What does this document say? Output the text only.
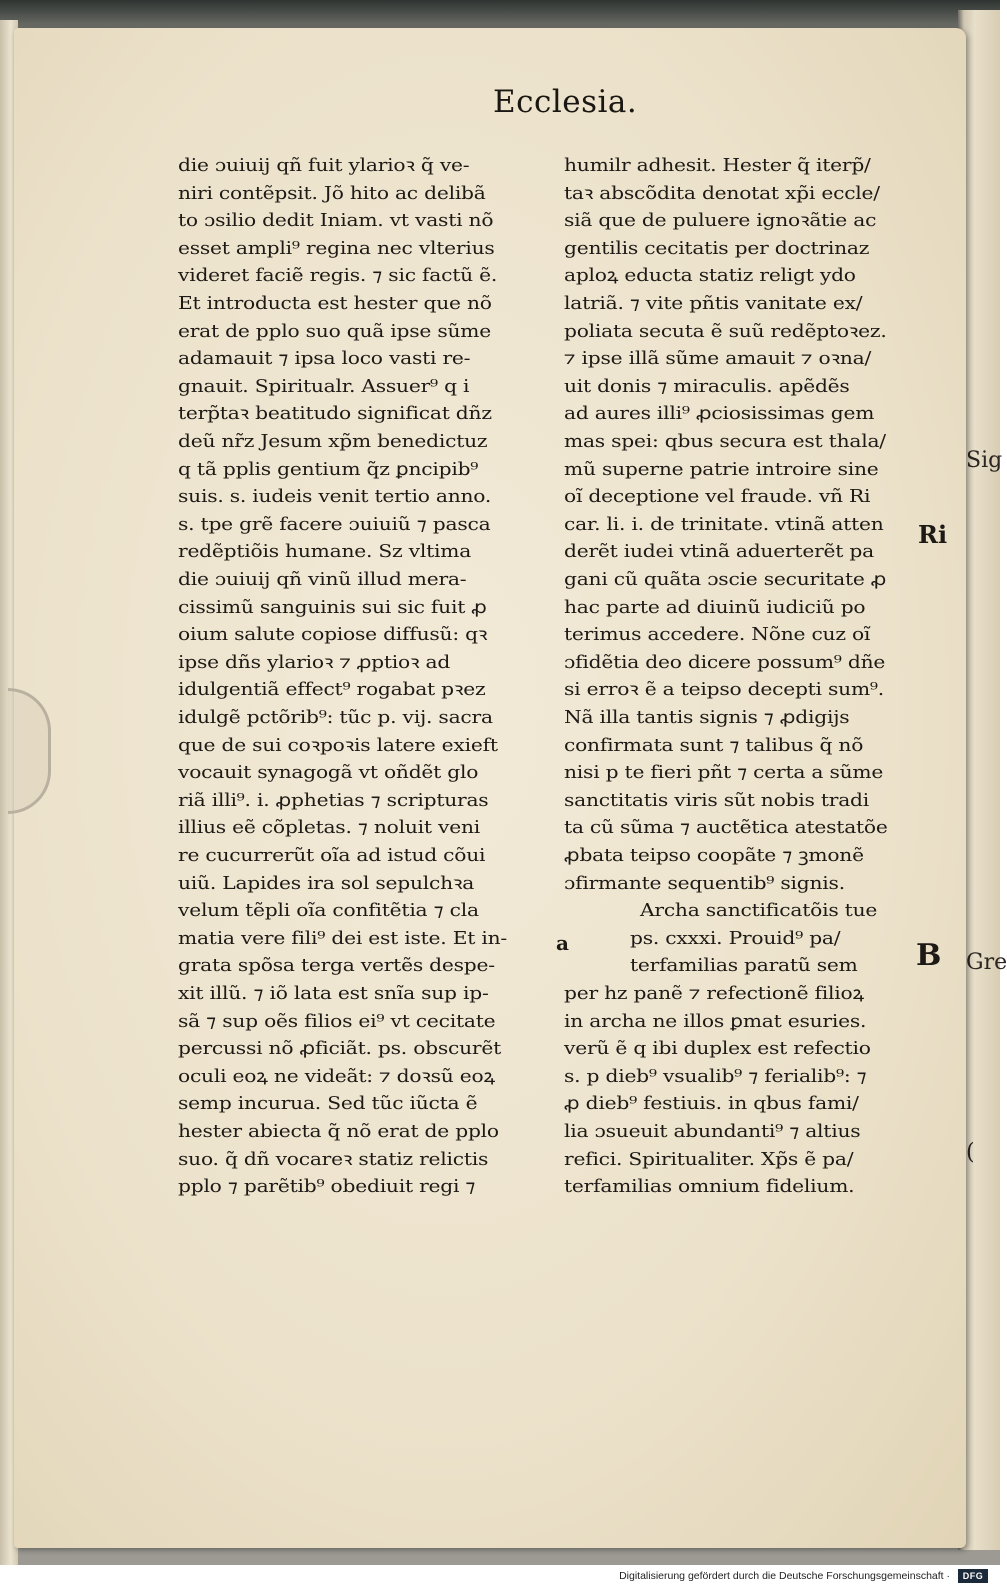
Sig
Gre
(
Ecclesia.
die ɔuiuij qñ fuit ylarioꝛ q̃ ve-
niri contẽpsit. Jõ hito ac delibã
to ɔsilio dedit Iniam. vt vasti nõ
esset ampli⁹ regina nec vlterius
videret faciẽ regis. ⁊ sic factũ ẽ.
Et introducta est hester que nõ
erat de pplo suo quã ipse sũme
adamauit ⁊ ipsa loco vasti re-
gnauit. Spiritualr. Assuer⁹ q i
terp̃taꝛ beatitudo significat dñz
deũ nr̃z Jesum xp̃m benedictuz
q tã pplis gentium q̃z ꝑncipib⁹
suis. s. iudeis venit tertio anno.
s. tpe grẽ facere ɔuiuiũ ⁊ pasca
redẽptiõis humane. Sz vltima
die ɔuiuij qñ vinũ illud mera-
cissimũ sanguinis sui sic fuit ꝓ
oium salute copiose diffusũ: qꝛ
ipse dñs ylarioꝛ ⁊ ꝓptioꝛ ad
idulgentiã effect⁹ rogabat pꝛez
idulgẽ pctõrib⁹: tũc p. vij. sacra
que de sui coꝛpoꝛis latere exieft
vocauit synagogã vt oñdẽt glo
riã illi⁹. i. ꝓphetias ⁊ scripturas
illius eẽ cõpletas. ⁊ noluit veni
re cucurrerũt oĩa ad istud cõui
uiũ. Lapides ira sol sepulchꝛa
velum tẽpli oĩa confitẽtia ⁊ cla
matia vere fili⁹ dei est iste. Et in-
grata spõsa terga vertẽs despe-
xit illũ. ⁊ iõ lata est snĩa sup ip-
sã ⁊ sup oẽs filios ei⁹ vt cecitate
percussi nõ ꝓficiãt. ps. obscurẽt
oculi eoꝝ ne videãt: ⁊ doꝛsũ eoꝝ
semp incurua. Sed tũc iũcta ẽ
hester abiecta q̃ nõ erat de pplo
suo. q̃ dñ vocareꝛ statiz relictis
pplo ⁊ parẽtib⁹ obediuit regi ⁊
humilr adhesit. Hester q̃ iterp̃/
taꝛ abscõdita denotat xp̃i eccle/
siã que de puluere ignoꝛãtie ac
gentilis cecitatis per doctrinaz
aploꝝ educta statiz religt ydo
latriã. ⁊ vite pñtis vanitate ex/
poliata secuta ẽ suũ redẽptoꝛez.
⁊ ipse illã sũme amauit ⁊ oꝛna/
uit donis ⁊ miraculis. apẽdẽs
ad aures illi⁹ ꝓciosissimas gem
mas spei: qbus secura est thala/
mũ superne patrie introire sine
oĩ deceptione vel fraude. vñ Ri
car. li. i. de trinitate. vtinã atten
derẽt iudei vtinã aduerterẽt pa
gani cũ quãta ɔscie securitate ꝓ
hac parte ad diuinũ iudiciũ po
terimus accedere. Nõne cuz oĩ
ɔfidẽtia deo dicere possum⁹ dñe
si erroꝛ ẽ a teipso decepti sum⁹.
Nã illa tantis signis ⁊ ꝓdigijs
confirmata sunt ⁊ talibus q̃ nõ
nisi p te fieri pñt ⁊ certa a sũme
sanctitatis viris sũt nobis tradi
ta cũ sũma ⁊ auctẽtica atestatõe
ꝓbata teipso coopãte ⁊ ꝫmonẽ
ɔfirmante sequentib⁹ signis.
Archa sanctificatõis tue
ps. cxxxi. Prouid⁹ pa/
terfamilias paratũ sem
per hz panẽ ⁊ refectionẽ filioꝝ
in archa ne illos ꝑmat esuries.
verũ ẽ q ibi duplex est refectio
s. p dieb⁹ vsualib⁹ ⁊ ferialib⁹: ⁊
ꝓ dieb⁹ festiuis. in qbus fami/
lia ɔsueuit abundanti⁹ ⁊ altius
refici. Spiritualiter. Xp̃s ẽ pa/
terfamilias omnium fidelium.
a
Ri
B
Digitalisierung gefördert durch die Deutsche Forschungsgemeinschaft ·	DFG
